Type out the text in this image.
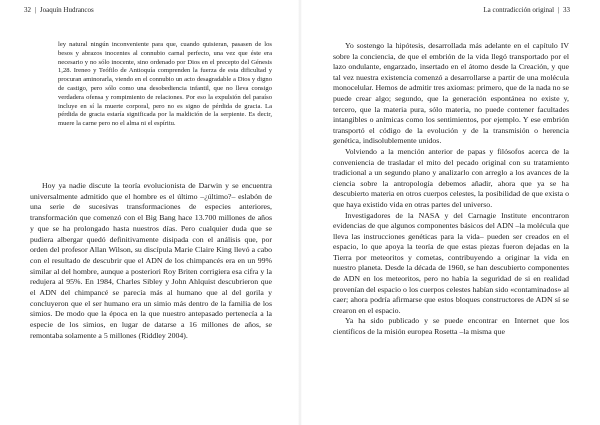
32 | Joaquín Hudrancos

ley natural ningún inconveniente para que, cuando quisieran, pasasen de los besos y abrazos inocentes al connubio carnal perfecto, una vez que éste era necesario y no sólo inocente, sino ordenado por Dios en el precepto del Génesis 1,28. Ireneo y Teófilo de Antioquía comprenden la fuerza de esta dificultad y procuran aminorarla, viendo en el connubio un acto desagradable a Dios y digno de castigo, pero sólo como una desobediencia infantil, que no lleva consigo verdadera ofensa y rompimiento de relaciones. Por eso la expulsión del paraíso incluye en sí la muerte corporal, pero no es signo de pérdida de gracia. La pérdida de gracia estaría significada por la maldición de la serpiente. Es decir, muere la carne pero no el alma ni el espíritu.

Hoy ya nadie discute la teoría evolucionista de Darwin y se encuentra universalmente admitido que el hombre es el último –¿último?– eslabón de una serie de sucesivas transformaciones de especies anteriores, transformación que comenzó con el Big Bang hace 13.700 millones de años y que se ha prolongado hasta nuestros días. Pero cualquier duda que se pudiera albergar quedó definitivamente disipada con el análisis que, por orden del profesor Allan Wilson, su discípula Marie Claire King llevó a cabo con el resultado de descubrir que el ADN de los chimpancés era en un 99% similar al del hombre, aunque a posteriori Roy Briten corrigiera esa cifra y la redujera al 95%. En 1984, Charles Sibley y John Ahlquist descubrieron que el ADN del chimpancé se parecía más al humano que al del gorila y concluyeron que el ser humano era un simio más dentro de la familia de los simios. De modo que la época en la que nuestro antepasado pertenecía a la especie de los simios, en lugar de datarse a 16 millones de años, se remontaba solamente a 5 millones (Riddley 2004).

La contradicción original | 33

Yo sostengo la hipótesis, desarrollada más adelante en el capítulo IV sobre la conciencia, de que el embrión de la vida llegó transportado por el lazo ondulante, engarzado, insertado en el átomo desde la Creación, y que tal vez nuestra existencia comenzó a desarrollarse a partir de una molécula monocelular. Hemos de admitir tres axiomas: primero, que de la nada no se puede crear algo; segundo, que la generación espontánea no existe y, tercero, que la materia pura, sólo materia, no puede contener facultades intangibles o anímicas como los sentimientos, por ejemplo. Y ese embrión transportó el código de la evolución y de la transmisión o herencia genética, indisolublemente unidos.

Volviendo a la mención anterior de papas y filósofos acerca de la conveniencia de trasladar el mito del pecado original con su tratamiento tradicional a un segundo plano y analizarlo con arreglo a los avances de la ciencia sobre la antropología debemos añadir, ahora que ya se ha descubierto materia en otros cuerpos celestes, la posibilidad de que exista o que haya existido vida en otras partes del universo.

Investigadores de la NASA y del Carnagie Institute encontraron evidencias de que algunos componentes básicos del ADN –la molécula que lleva las instrucciones genéticas para la vida– pueden ser creados en el espacio, lo que apoya la teoría de que estas piezas fueron dejadas en la Tierra por meteoritos y cometas, contribuyendo a originar la vida en nuestro planeta. Desde la década de 1960, se han descubierto componentes de ADN en los meteoritos, pero no había la seguridad de si en realidad provenían del espacio o los cuerpos celestes habían sido «contaminados» al caer; ahora podría afirmarse que estos bloques constructores de ADN sí se crearon en el espacio.

Ya ha sido publicado y se puede encontrar en Internet que los científicos de la misión europea Rosetta –la misma que
